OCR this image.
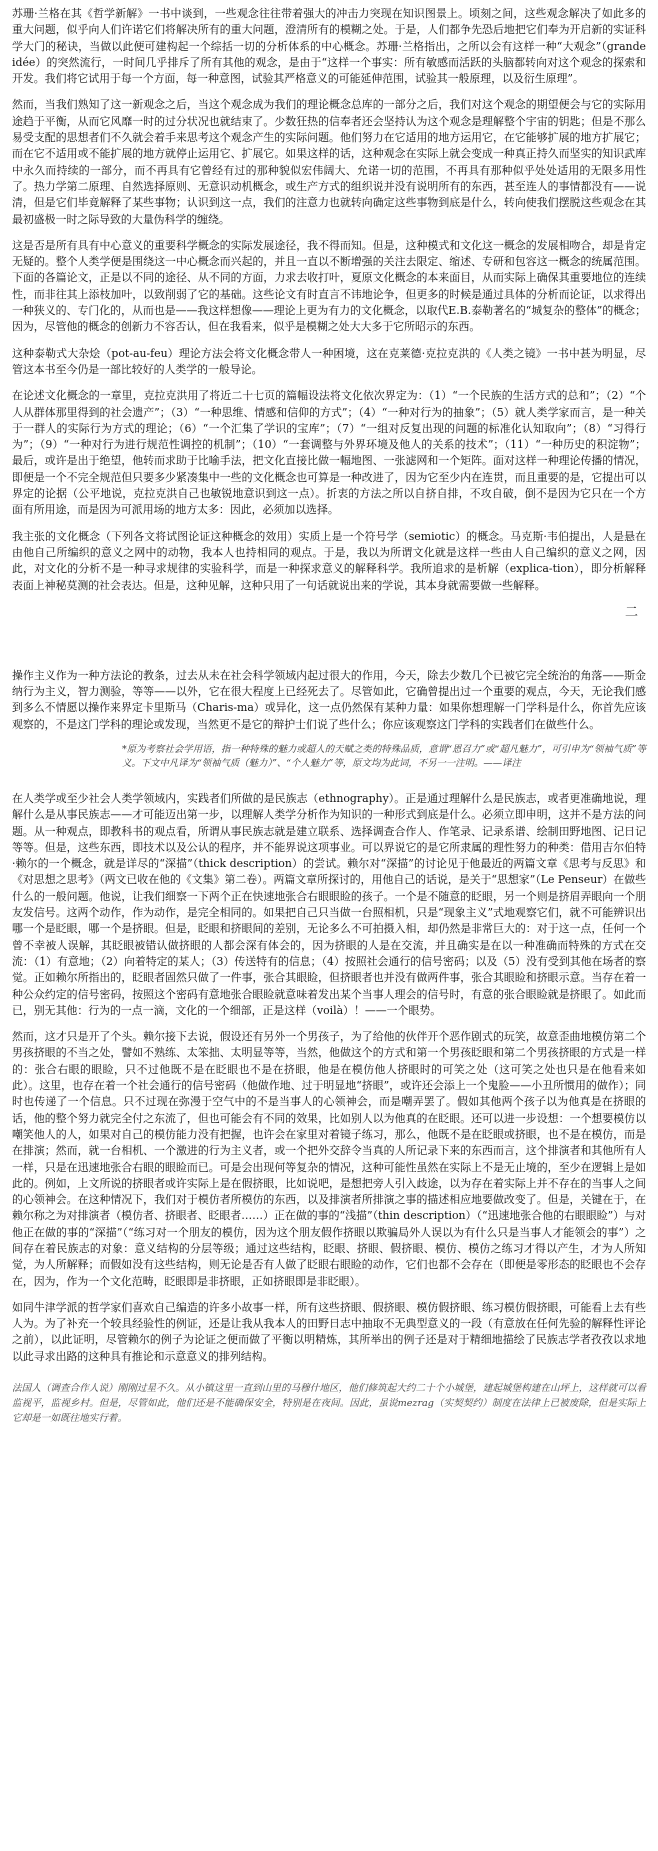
苏珊·兰格在其《哲学新解》一书中谈到，一些观念往往带着强大的冲击力突现在知识图景上。顷刻之间，这些观念解决了如此多的重大问题，似乎向人们许诺它们将解决所有的重大问题，澄清所有的模糊之处。于是，人们都争先恐后地把它们奉为开启新的实证科学大门的秘诀，当做以此便可建构起一个综括一切的分析体系的中心概念。苏珊·兰格指出，之所以会有这样一种“大观念”（grande idée）的突然流行，一时间几乎排斥了所有其他的观念，是由于“这样一个事实：所有敏感而活跃的头脑都转向对这个观念的探索和开发。我们将它试用于每一个方面，每一种意图，试验其严格意义的可能延伸范围，试验其一般原理，以及衍生原理”。

然而，当我们熟知了这一新观念之后，当这个观念成为我们的理论概念总库的一部分之后，我们对这个观念的期望便会与它的实际用途趋于平衡，从而它风靡一时的过分状况也就结束了。少数狂热的信奉者还会坚持认为这个观念是理解整个宇宙的钥匙；但是不那么易受支配的思想者们不久就会着手来思考这个观念产生的实际问题。他们努力在它适用的地方运用它，在它能够扩展的地方扩展它；而在它不适用或不能扩展的地方就停止运用它、扩展它。如果这样的话，这种观念在实际上就会变成一种真正持久而坚实的知识武库中永久而持续的一部分，而不再具有它曾经有过的那种貌似宏伟阔大、允诺一切的范围，不再具有那种似乎处处适用的无限多用性了。热力学第二原理、自然选择原则、无意识动机概念，或生产方式的组织说并没有说明所有的东西，甚至连人的事情都没有——说清，但是它们毕竟解释了某些事物；认识到这一点，我们的注意力也就转向确定这些事物到底是什么，转向使我们摆脱这些观念在其最初盛极一时之际导致的大量伪科学的缠绕。

这是否是所有具有中心意义的重要科学概念的实际发展途径，我不得而知。但是，这种模式和文化这一概念的发展相吻合，却是肯定无疑的。整个人类学便是围绕这一中心概念而兴起的，并且一直以不断增强的关注去限定、缩述、专研和包容这一概念的统属范围。下面的各篇论文，正是以不同的途径、从不同的方面，力求去收打叶，夏原文化概念的本来面目，从而实际上确保其重要地位的连续性，而非往其上添枝加叶，以致削弱了它的基础。这些论文有时直言不讳地论争，但更多的时候是通过具体的分析而论证，以求得出一种狭义的、专门化的，从而也是——我这样想像——理论上更为有力的文化概念，以取代E.B.泰勒著名的“城复杂的整体”的概念；因为，尽管他的概念的创新力不容否认，但在我看来，似乎是模糊之处大大多于它所昭示的东西。

这种泰勒式大杂烩（pot-au-feu）理论方法会将文化概念带人一种困境，这在克莱德·克拉克洪的《人类之镜》一书中甚为明显，尽管这本书至今仍是一部比较好的人类学的一般导论。

在论述文化概念的一章里，克拉克洪用了将近二十七页的篇幅设法将文化依次界定为：（1）“一个民族的生活方式的总和”；（2）“个人从群体那里得到的社会遗产”；（3）“一种思维、情感和信仰的方式”；（4）“一种对行为的抽象”；（5）就人类学家而言，是一种关于一群人的实际行为方式的理论；（6）“一个汇集了学识的宝库”；（7）“一组对反复出现的问题的标准化认知取向”；（8）“习得行为”；（9）“一种对行为进行规范性调控的机制”；（10）“一套调整与外界环境及他人的关系的技术”；（11）“一种历史的积淀物”；最后，或许是出于绝望，他转而求助于比喻手法，把文化直接比做一幅地图、一张滤网和一个矩阵。面对这样一种理论传播的情况，即便是一个不完全规范但只要多少紧凑集中一些的文化概念也可算是一种改进了，因为它至少内在连贯，而且重要的是，它提出可以界定的论据（公平地说，克拉克洪自己也敏锐地意识到这一点）。折衷的方法之所以自挤自排，不攻自破，倒不是因为它只在一个方面有所用途，而是因为可派用场的地方太多：因此，必须加以选择。

我主张的文化概念（下列各文将试图论证这种概念的效用）实质上是一个符号学（semiotic）的概念。马克斯·韦伯提出，人是悬在由他自己所编织的意义之网中的动物，我本人也持相同的观点。于是，我以为所谓文化就是这样一些由人自己编织的意义之网，因此，对文化的分析不是一种寻求规律的实验科学，而是一种探求意义的解释科学。我所追求的是析解（explica-tion），即分析解释表面上神秘莫测的社会表达。但是，这种见解，这种只用了一句话就说出来的学说，其本身就需要做一些解释。

二

操作主义作为一种方法论的教条，过去从未在社会科学领域内起过很大的作用，今天，除去少数几个已被它完全统治的角落——斯金纳行为主义，智力测验，等等——以外，它在很大程度上已经死去了。尽管如此，它确曾提出过一个重要的观点，今天，无论我们感到多么不情愿以操作来界定卡里斯马（Charis-ma）或异化，这一点仍然保有某种力量：如果你想理解一门学科是什么，你首先应该观察的，不是这门学科的理论或发现，当然更不是它的辩护士们说了些什么；你应该观察这门学科的实践者们在做些什么。

*原为考察社会学用语，指一种特殊的魅力或超人的天赋之类的特殊品质，意谓“恩召力”或“超凡魅力”，可引申为“领袖气质”等义。下文中凡译为“领袖气质（魅力）”、“个人魅力”等，原文均为此词，不另一一注明。——译注

在人类学或至少社会人类学领域内，实践者们所做的是民族志（ethnography）。正是通过理解什么是民族志，或者更准确地说，理解什么是从事民族志——才可能迈出第一步，以理解人类学分析作为知识的一种形式到底是什么。必须立即申明，这并不是方法的问题。从一种观点，即教科书的观点看，所谓从事民族志就是建立联系、选择调查合作人、作笔录、记录系谱、绘制田野地图、记日记等等。但是，这些东西，即技术以及公认的程序，并不能界说这项事业。可以界说它的是它所隶属的理性努力的种类：借用吉尔伯特·赖尔的一个概念，就是详尽的“深描”（thick description）的尝试。赖尔对“深描”的讨论见于他最近的两篇文章《思考与反思》和《对思想之思考》（两文已收在他的《文集》第二卷）。两篇文章所探讨的，用他自己的话说，是关于“思想家”（Le Penseur）在做些什么的一般问题。他说，让我们细察一下两个正在快速地张合右眼眼睑的孩子。一个是不随意的眨眼，另一个则是挤眉弄眼向一个朋友发信号。这两个动作，作为动作，是完全相同的。如果把自己只当做一台照相机，只是“现象主义”式地观察它们，就不可能辨识出哪一个是眨眼，哪一个是挤眼。但是，眨眼和挤眼间的差别，无论多么不可拍摄入相，却仍然是非常巨大的：对于这一点，任何一个曾不幸被人误解，其眨眼被错认做挤眼的人都会深有体会的，因为挤眼的人是在交流，并且确实是在以一种准确而特殊的方式在交流：（1）有意地；（2）向着特定的某人；（3）传送特有的信息；（4）按照社会通行的信号密码；以及（5）没有受到其他在场者的察觉。正如赖尔所指出的，眨眼者固然只做了一件事，张合其眼睑，但挤眼者也并没有做两件事，张合其眼睑和挤眼示意。当存在着一种公众约定的信号密码，按照这个密码有意地张合眼睑就意味着发出某个当事人理会的信号时，有意的张合眼睑就是挤眼了。如此而已，别无其他：行为的一点一滴，文化的一个细部，正是这样（voilà）！——一个眼势。

然而，这才只是开了个头。赖尔接下去说，假设还有另外一个男孩子，为了给他的伙伴开个恶作剧式的玩笑，故意歪曲地模仿第二个男孩挤眼的不当之处，譬如不熟练、太笨拙、太明显等等，当然，他做这个的方式和第一个男孩眨眼和第二个男孩挤眼的方式是一样的：张合右眼的眼睑，只不过他既不是在眨眼也不是在挤眼，他是在模仿他人挤眼时的可笑之处（这可笑之处也只是在他看来如此）。这里，也存在着一个社会通行的信号密码（他做作地、过于明显地“挤眼”，或许还会添上一个鬼脸——小丑所惯用的做作）；同时也传递了一个信息。只不过现在弥漫于空气中的不是当事人的心领神会，而是嘲弄罢了。假如其他两个孩子以为他真是在挤眼的话，他的整个努力就完全付之东流了，但也可能会有不同的效果，比如别人以为他真的在眨眼。还可以进一步设想：一个想要模仿以嘲笑他人的人，如果对自己的模仿能力没有把握，也许会在家里对着镜子练习，那么，他既不是在眨眼或挤眼，也不是在模仿，而是在排演；然而，就一台相机、一个激进的行为主义者，或一个把外交辞令当真的人所记录下来的东西而言，这个排演者和其他所有人一样，只是在迅速地张合右眼的眼睑而已。可是会出现何等复杂的情况，这种可能性虽然在实际上不是无止境的，至少在逻辑上是如此的。例如，上文所说的挤眼者或许实际上是在假挤眼，比如说吧，是想把旁人引入歧途，以为存在着实际上并不存在的当事人之间的心领神会。在这种情况下，我们对于模仿者所模仿的东西，以及排演者所排演之事的描述相应地要做改变了。但是，关键在于，在赖尔称之为对排演者（模仿者、挤眼者、眨眼者……）正在做的事的“浅描”（thin description）（“迅速地张合他的右眼眼睑”）与对他正在做的事的“深描”（“练习对一个朋友的模仿，因为这个朋友假作挤眼以欺骗局外人误以为有什么只是当事人才能领会的事”）之间存在着民族志的对象：意义结构的分层等级；通过这些结构，眨眼、挤眼、假挤眼、模仿、模仿之练习才得以产生，才为人所知觉，为人所解释；而假如没有这些结构，则无论是否有人做了眨眼右眼睑的动作，它们也都不会存在（即便是零形态的眨眼也不会存在，因为，作为一个文化范畴，眨眼即是非挤眼，正如挤眼即是非眨眼）。

如同牛津学派的哲学家们喜欢自己编造的许多小故事一样，所有这些挤眼、假挤眼、模仿假挤眼、练习模仿假挤眼，可能看上去有些人为。为了补充一个较具经验性的例证，还是让我从我本人的田野日志中抽取不无典型意义的一段（有意放在任何先验的解释性评论之前），以此证明，尽管赖尔的例子为论证之便而做了平衡以明精炼，其所举出的例子还是对于精细地描绘了民族志学者孜孜以求地以此寻求出路的这种具有推论和示意意义的排列结构。

法国人（调查合作人说）刚刚过星不久。从小镇这里一直到山里的马穆什地区，他们修筑起大约二十个小城堡，建起城堡构建在山坪上，这样就可以看监视平，监视乡村。但是，尽管如此，他们还是不能确保安全，特别是在夜间。因此，虽说mezrag（实契契约）制度在法律上已被废除，但是实际上它却是一如既往地实行着。
